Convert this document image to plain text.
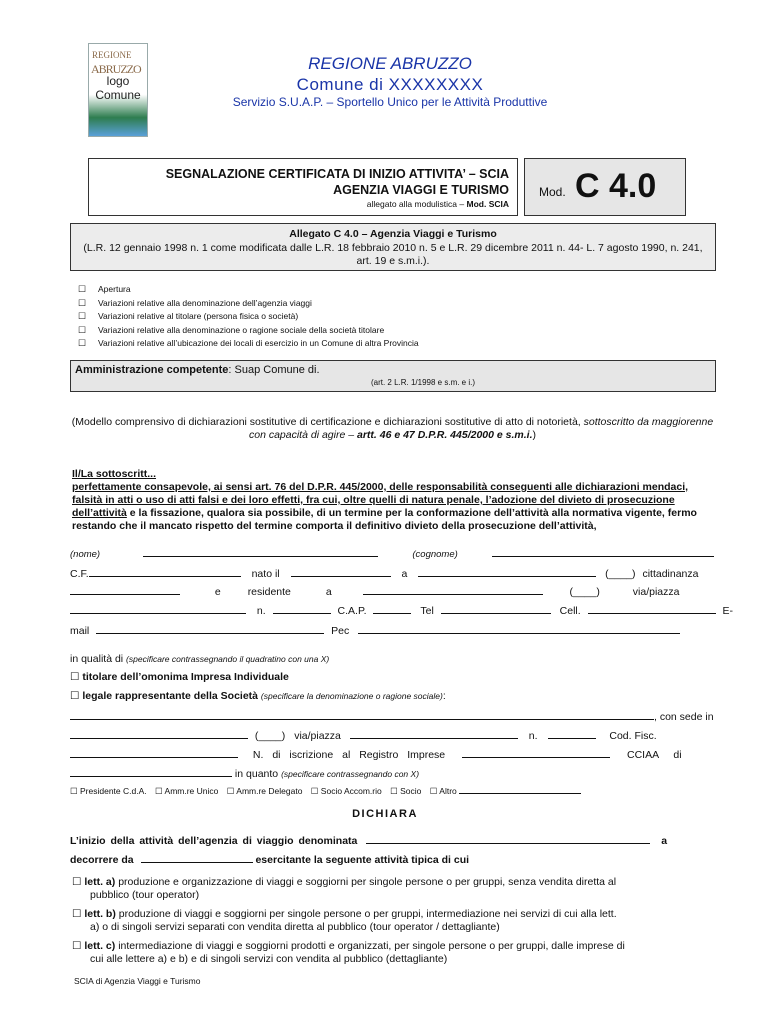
REGIONE
ABRUZZO
logo Comune
REGIONE ABRUZZO
Comune di XXXXXXXX
Servizio S.U.A.P. – Sportello Unico per le Attività Produttive
SEGNALAZIONE CERTIFICATA DI INIZIO ATTIVITA’ – SCIA
AGENZIA VIAGGI E TURISMO
allegato alla modulistica – Mod. SCIA
Mod. C 4.0
Allegato C 4.0 – Agenzia Viaggi e Turismo
(L.R. 12 gennaio 1998 n. 1 come modificata dalle L.R. 18 febbraio 2010 n. 5 e L.R. 29 dicembre 2011 n. 44- L. 7 agosto 1990, n. 241, art. 19 e s.m.i.).
☐ Apertura
☐ Variazioni relative alla denominazione dell’agenzia viaggi
☐ Variazioni relative al titolare (persona fisica o società)
☐ Variazioni relative alla denominazione o ragione sociale della società titolare
☐ Variazioni relative all’ubicazione dei locali di esercizio in un Comune di altra Provincia
Amministrazione competente: Suap Comune di.
(art. 2 L.R. 1/1998 e s.m. e i.)
(Modello comprensivo di dichiarazioni sostitutive di certificazione e dichiarazioni sostitutive di atto di notorietà, sottoscritto da maggiorenne con capacità di agire – artt. 46 e 47 D.P.R. 445/2000 e s.m.i.)
Il/La sottoscritt...
perfettamente consapevole, ai sensi art. 76 del D.P.R. 445/2000, delle responsabilità conseguenti alle dichiarazioni mendaci, falsità in atti o uso di atti falsi e dei loro effetti, fra cui, oltre quelli di natura penale, l’adozione del divieto di prosecuzione dell’attività e la fissazione, qualora sia possibile, di un termine per la conformazione dell’attività alla normativa vigente, fermo restando che il mancato rispetto del termine comporta il definitivo divieto della prosecuzione dell’attività,
(nome)	(cognome)
C.F.	nato il	a	(____) cittadinanza
e	residente	a	(____)	via/piazza
n.	C.A.P.	Tel	Cell.	E-
mail	Pec
in qualità di (specificare contrassegnando il quadratino con una X)
☐ titolare dell’omonima Impresa Individuale
☐ legale rappresentante della Società (specificare la denominazione o ragione sociale):
, con sede in
(____) via/piazza	n.	Cod. Fisc.
N. di iscrizione al Registro Imprese	CCIAA di
in quanto (specificare contrassegnando con X)
☐ Presidente C.d.A. ☐ Amm.re Unico ☐ Amm.re Delegato ☐ Socio Accom.rio ☐ Socio ☐ Altro
DICHIARA
L’inizio della attività dell’agenzia di viaggio denominata	a
decorrere da	esercitante la seguente attività tipica di cui
☐ lett. a) produzione e organizzazione di viaggi e soggiorni per singole persone o per gruppi, senza vendita diretta al
pubblico (tour operator)
☐ lett. b) produzione di viaggi e soggiorni per singole persone o per gruppi, intermediazione nei servizi di cui alla lett.
a) o di singoli servizi separati con vendita diretta al pubblico (tour operator / dettagliante)
☐ lett. c) intermediazione di viaggi e soggiorni prodotti e organizzati, per singole persone o per gruppi, dalle imprese di
cui alle lettere a) e b) e di singoli servizi con vendita al pubblico (dettagliante)
SCIA di Agenzia Viaggi e Turismo
